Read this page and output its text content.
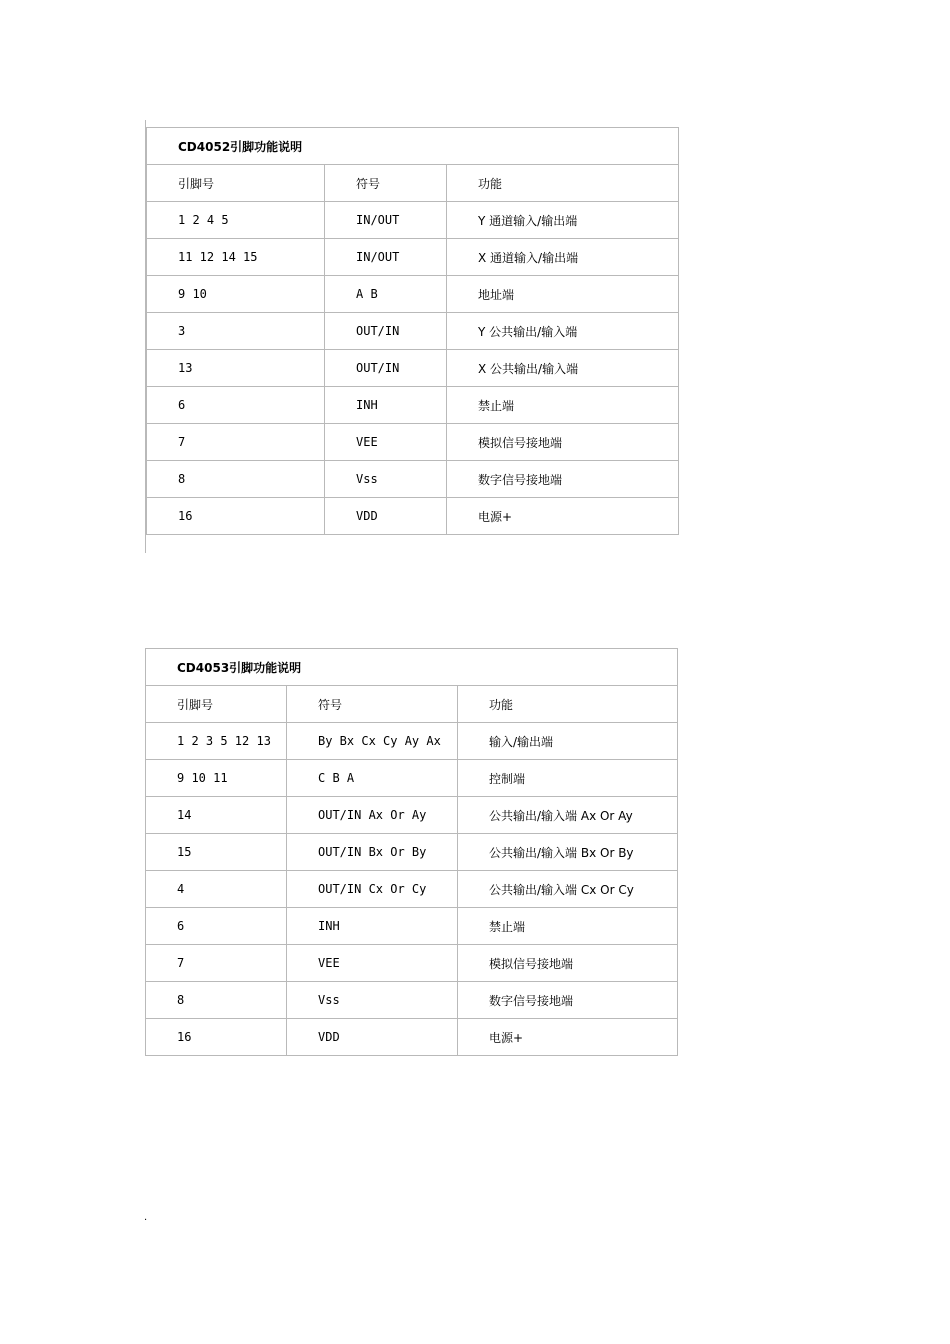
CD4052引脚功能说明		
引脚号	符号	功能
1 2 4 5	IN/OUT	Y 通道输入/输出端
11 12 14 15	IN/OUT	X 通道输入/输出端
9 10	A B	地址端
3	OUT/IN	Y 公共输出/输入端
13	OUT/IN	X 公共输出/输入端
6	INH	禁止端
7	VEE	模拟信号接地端
8	Vss	数字信号接地端
16	VDD	电源+
CD4053引脚功能说明		
引脚号	符号	功能
1 2 3 5 12 13	By Bx Cx Cy Ay Ax	输入/输出端
9 10 11	C B A	控制端
14	OUT/IN Ax Or Ay	公共输出/输入端 Ax Or Ay
15	OUT/IN Bx Or By	公共输出/输入端 Bx Or By
4	OUT/IN Cx Or Cy	公共输出/输入端 Cx Or Cy
6	INH	禁止端
7	VEE	模拟信号接地端
8	Vss	数字信号接地端
16	VDD	电源+
.
